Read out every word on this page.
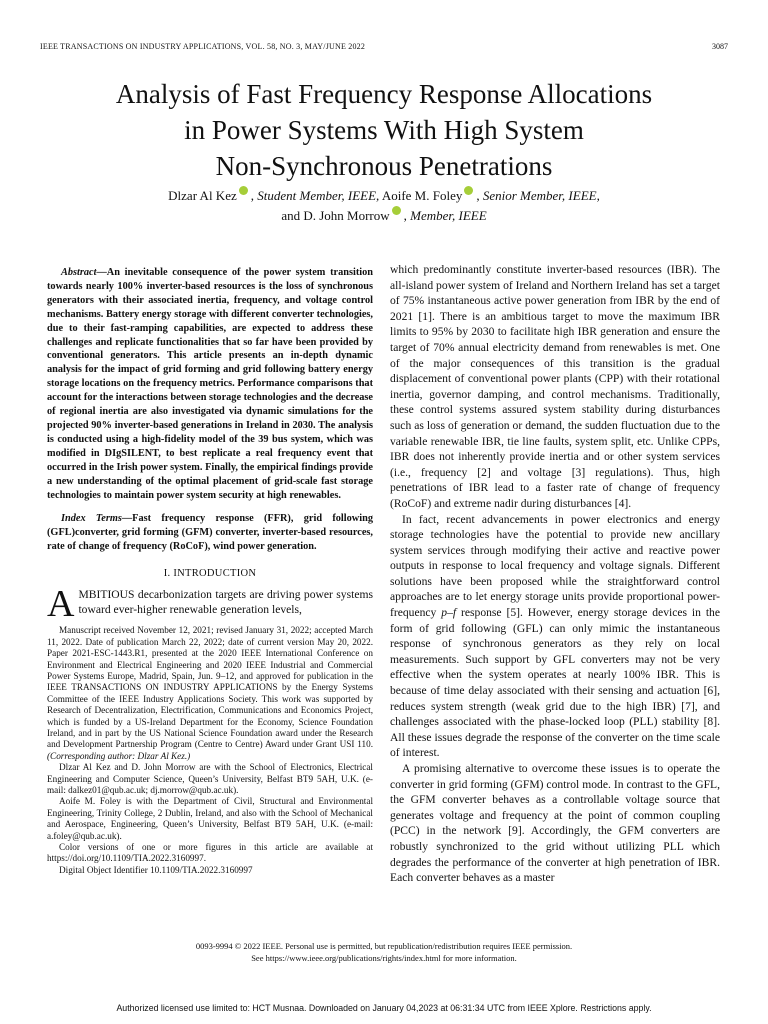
IEEE TRANSACTIONS ON INDUSTRY APPLICATIONS, VOL. 58, NO. 3, MAY/JUNE 2022	3087
Analysis of Fast Frequency Response Allocations
in Power Systems With High System
Non-Synchronous Penetrations
Dlzar Al Kez , Student Member, IEEE, Aoife M. Foley , Senior Member, IEEE,
and D. John Morrow , Member, IEEE

Abstract—An inevitable consequence of the power system transition towards nearly 100% inverter-based resources is the loss of synchronous generators with their associated inertia, frequency, and voltage control mechanisms. Battery energy storage with different converter technologies, due to their fast-ramping capabilities, are expected to address these challenges and replicate functionalities that so far have been provided by conventional generators. This article presents an in-depth dynamic analysis for the impact of grid forming and grid following battery energy storage locations on the frequency metrics. Performance comparisons that account for the interactions between storage technologies and the decrease of regional inertia are also investigated via dynamic simulations for the projected 90% inverter-based generations in Ireland in 2030. The analysis is conducted using a high-fidelity model of the 39 bus system, which was modified in DIgSILENT, to best replicate a real frequency event that occurred in the Irish power system. Finally, the empirical findings provide a new understanding of the optimal placement of grid-scale fast storage technologies to maintain power system security at high renewables.

Index Terms—Fast frequency response (FFR), grid following (GFL)converter, grid forming (GFM) converter, inverter-based resources, rate of change of frequency (RoCoF), wind power generation.

I. INTRODUCTION

AMBITIOUS decarbonization targets are driving power systems toward ever-higher renewable generation levels,

Manuscript received November 12, 2021; revised January 31, 2022; accepted March 11, 2022. Date of publication March 22, 2022; date of current version May 20, 2022. Paper 2021-ESC-1443.R1, presented at the 2020 IEEE International Conference on Environment and Electrical Engineering and 2020 IEEE Industrial and Commercial Power Systems Europe, Madrid, Spain, Jun. 9–12, and approved for publication in the IEEE TRANSACTIONS ON INDUSTRY APPLICATIONS by the Energy Systems Committee of the IEEE Industry Applications Society. This work was supported by Research of Decentralization, Electrification, Communications and Economics Project, which is funded by a US-Ireland Department for the Economy, Science Foundation Ireland, and in part by the US National Science Foundation award under the Research and Development Partnership Program (Centre to Centre) Award under Grant USI 110. (Corresponding author: Dlzar Al Kez.)

Dlzar Al Kez and D. John Morrow are with the School of Electronics, Electrical Engineering and Computer Science, Queen’s University, Belfast BT9 5AH, U.K. (e-mail: dalkez01@qub.ac.uk; dj.morrow@qub.ac.uk).

Aoife M. Foley is with the Department of Civil, Structural and Environmental Engineering, Trinity College, 2 Dublin, Ireland, and also with the School of Mechanical and Aerospace, Engineering, Queen’s University, Belfast BT9 5AH, U.K. (e-mail: a.foley@qub.ac.uk).

Color versions of one or more figures in this article are available at https://doi.org/10.1109/TIA.2022.3160997.

Digital Object Identifier 10.1109/TIA.2022.3160997

which predominantly constitute inverter-based resources (IBR). The all-island power system of Ireland and Northern Ireland has set a target of 75% instantaneous active power generation from IBR by the end of 2021 [1]. There is an ambitious target to move the maximum IBR limits to 95% by 2030 to facilitate high IBR generation and ensure the target of 70% annual electricity demand from renewables is met. One of the major consequences of this transition is the gradual displacement of conventional power plants (CPP) with their rotational inertia, governor damping, and control mechanisms. Traditionally, these control systems assured system stability during disturbances such as loss of generation or demand, the sudden fluctuation due to the variable renewable IBR, tie line faults, system split, etc. Unlike CPPs, IBR does not inherently provide inertia and or other system services (i.e., frequency [2] and voltage [3] regulations). Thus, high penetrations of IBR lead to a faster rate of change of frequency (RoCoF) and extreme nadir during disturbances [4].

In fact, recent advancements in power electronics and energy storage technologies have the potential to provide new ancillary system services through modifying their active and reactive power outputs in response to local frequency and voltage signals. Different solutions have been proposed while the straightforward control approaches are to let energy storage units provide proportional power-frequency p–f response [5]. However, energy storage devices in the form of grid following (GFL) can only mimic the instantaneous response of synchronous generators as they rely on local measurements. Such support by GFL converters may not be very effective when the system operates at nearly 100% IBR. This is because of time delay associated with their sensing and actuation [6], reduces system strength (weak grid due to the high IBR) [7], and challenges associated with the phase-locked loop (PLL) stability [8]. All these issues degrade the response of the converter on the time scale of interest.

A promising alternative to overcome these issues is to operate the converter in grid forming (GFM) control mode. In contrast to the GFL, the GFM converter behaves as a controllable voltage source that generates voltage and frequency at the point of common coupling (PCC) in the network [9]. Accordingly, the GFM converters are robustly synchronized to the grid without utilizing PLL which degrades the performance of the converter at high penetration of IBR. Each converter behaves as a master

0093-9994 © 2022 IEEE. Personal use is permitted, but republication/redistribution requires IEEE permission.
See https://www.ieee.org/publications/rights/index.html for more information.
Authorized licensed use limited to: HCT Musnaa. Downloaded on January 04,2023 at 06:31:34 UTC from IEEE Xplore. Restrictions apply.
